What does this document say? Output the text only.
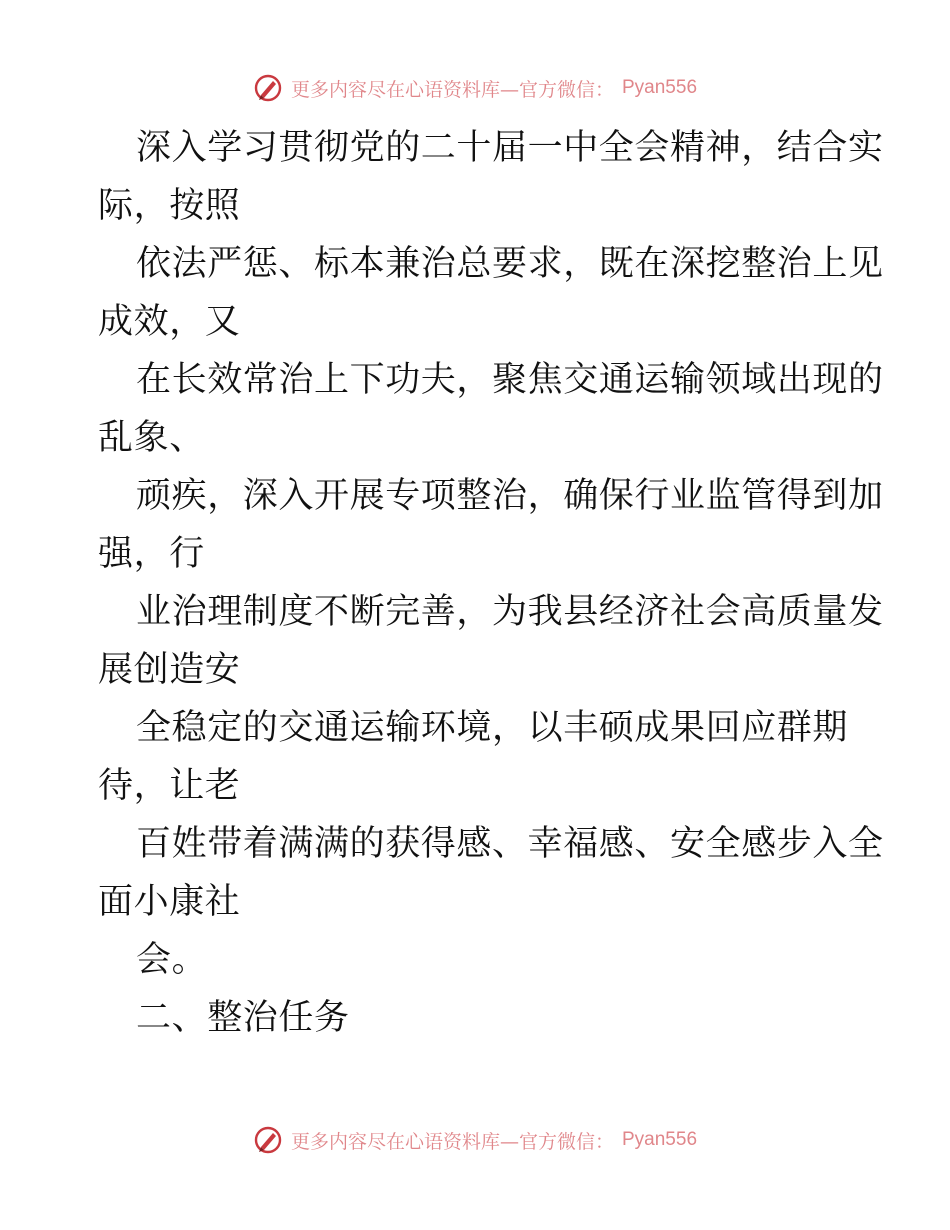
更多内容尽在心语资料库—官方微信： Pyan556
深入学习贯彻党的二十届一中全会精神，结合实
际，按照
依法严惩、标本兼治总要求，既在深挖整治上见
成效，又
在长效常治上下功夫，聚焦交通运输领域出现的
乱象、
顽疾，深入开展专项整治，确保行业监管得到加
强，行
业治理制度不断完善，为我县经济社会高质量发
展创造安
全稳定的交通运输环境，以丰硕成果回应群期
待，让老
百姓带着满满的获得感、幸福感、安全感步入全
面小康社
会。
二、整治任务
更多内容尽在心语资料库—官方微信： Pyan556
